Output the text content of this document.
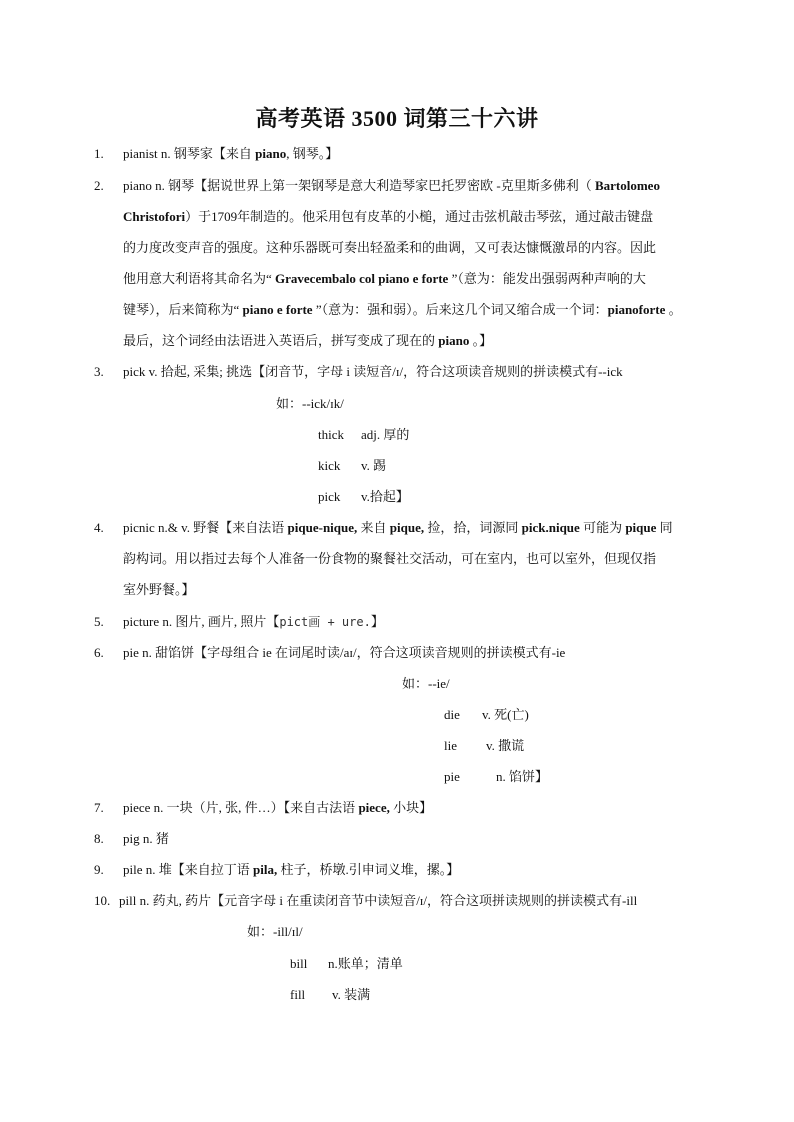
高考英语 3500 词第三十六讲
1. pianist n. 钢琴家【来自 piano, 钢琴。】
2. piano n. 钢琴【据说世界上第一架钢琴是意大利造琴家巴托罗密欧 -克里斯多佛利（ Bartolomeo
Christofori）于1709年制造的。他采用包有皮革的小槌，通过击弦机敲击琴弦，通过敲击键盘
的力度改变声音的强度。这种乐器既可奏出轻盈柔和的曲调，又可表达慷慨激昂的内容。因此
他用意大利语将其命名为“ Gravecembalo col piano e forte ”（意为：能发出强弱两种声响的大
键琴），后来简称为“ piano e forte ”（意为：强和弱）。后来这几个词又缩合成一个词：pianoforte 。
最后，这个词经由法语进入英语后，拼写变成了现在的 piano 。】
3. pick v. 拾起, 采集; 挑选【闭音节，字母 i 读短音/ɪ/，符合这项读音规则的拼读模式有--ick
如：--ick/ɪk/
thick adj. 厚的
kick v. 踢
pick v.拾起】
4. picnic n.& v. 野餐【来自法语 pique-nique, 来自 pique, 捡，拾，词源同 pick.nique 可能为 pique 同
韵构词。用以指过去每个人准备一份食物的聚餐社交活动，可在室内，也可以室外，但现仅指
室外野餐。】
5. picture n. 图片, 画片, 照片【pict画 + ure.】
6. pie n. 甜馅饼【字母组合 ie 在词尾时读/aɪ/，符合这项读音规则的拼读模式有-ie
如：--ie/
die v. 死(亡)
lie v. 撒谎
pie	n. 馅饼】
7. piece n. 一块（片, 张, 件…）【来自古法语 piece, 小块】
8. pig n. 猪
9. pile n. 堆【来自拉丁语 pila, 柱子，桥墩.引申词义堆，摞。】
10. pill n. 药丸, 药片【元音字母 i 在重读闭音节中读短音/ɪ/，符合这项拼读规则的拼读模式有-ill
如：-ill/ɪl/
bill n.账单；清单
fill v. 装满
